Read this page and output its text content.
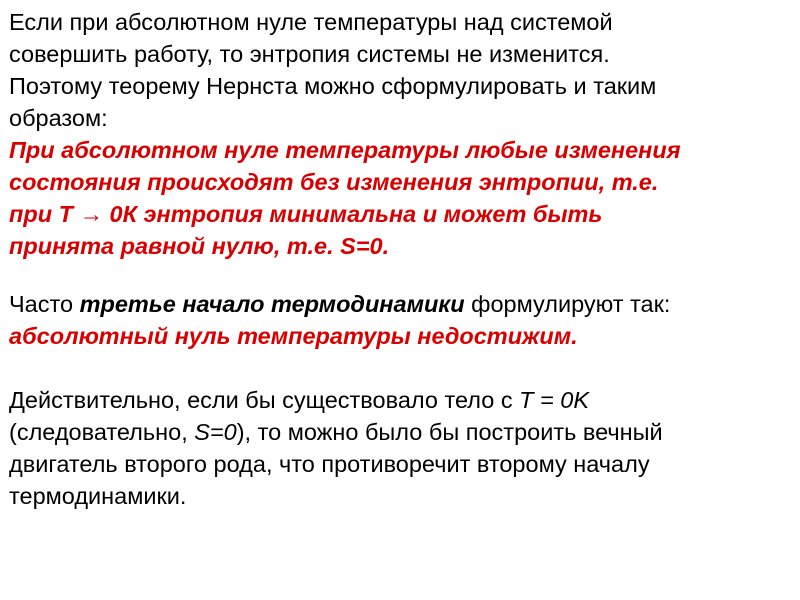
Если при абсолютном нуле температуры над системой
совершить работу, то энтропия системы не изменится.
Поэтому теорему Нернста можно сформулировать и таким
образом:
При абсолютном нуле температуры любые изменения
состояния происходят без изменения энтропии, т.е.
при T → 0К энтропия минимальна и может быть
принята равной нулю, т.е. S=0.
Часто третье начало термодинамики формулируют так:
абсолютный нуль температуры недостижим.
Действительно, если бы существовало тело с T = 0K
(следовательно, S=0), то можно было бы построить вечный
двигатель второго рода, что противоречит второму началу
термодинамики.
